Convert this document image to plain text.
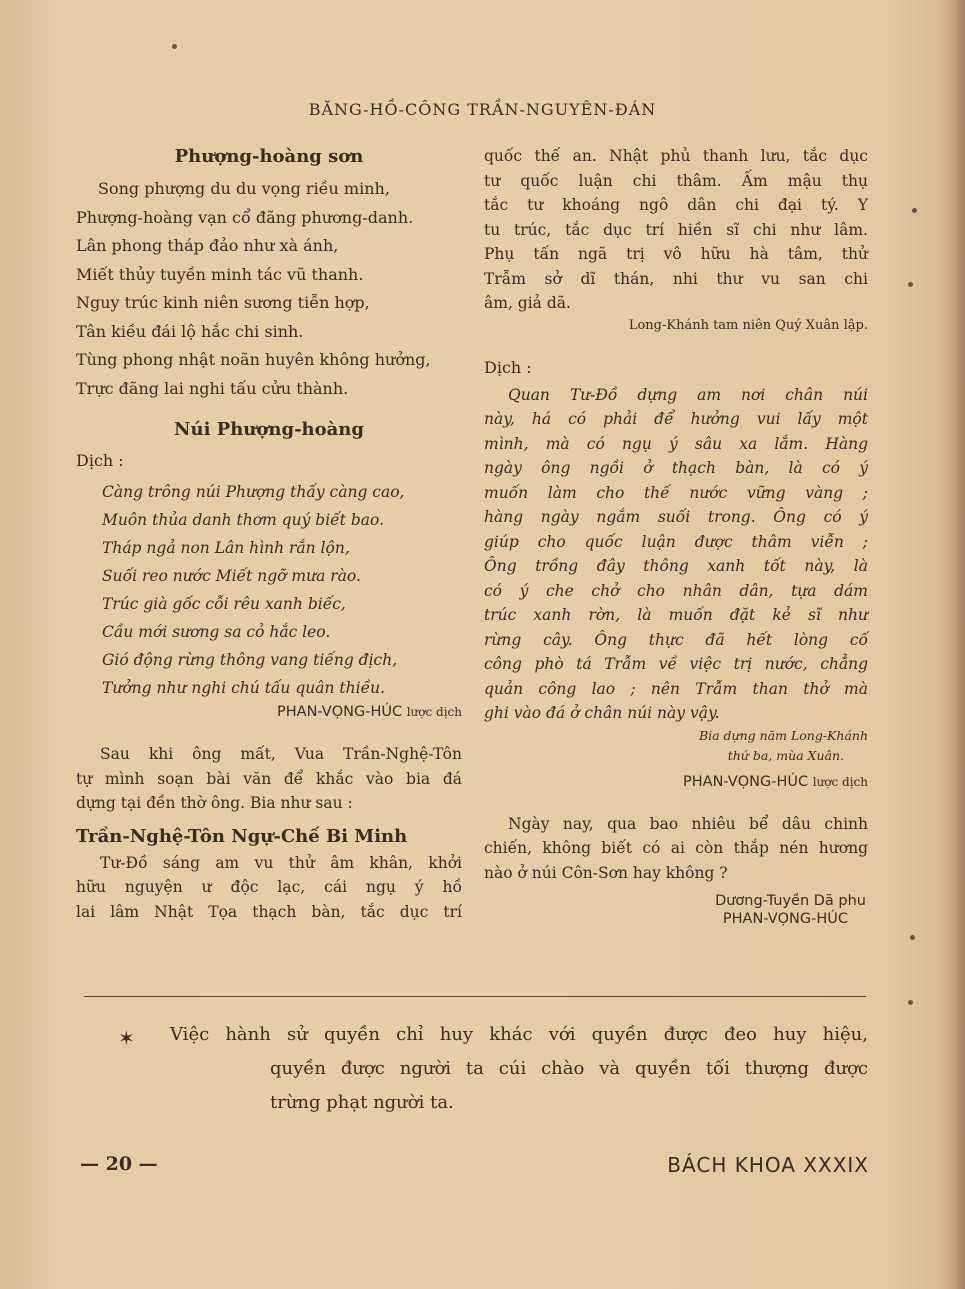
BĂNG-HỒ-CÔNG TRẦN-NGUYÊN-ĐÁN
Phượng-hoàng sơn
Song phượng du du vọng riều minh,
Phượng-hoàng vạn cổ đãng phương-danh.
Lân phong tháp đảo như xà ánh,
Miết thủy tuyền minh tác vũ thanh.
Nguy trúc kinh niên sương tiễn hợp,
Tân kiều đái lộ hắc chi sinh.
Tùng phong nhật noãn huyên không hưởng,
Trực đãng lai nghi tấu cửu thành.
Núi Phượng-hoàng
Dịch :
Càng trông núi Phượng thấy càng cao,
Muôn thủa danh thơm quý biết bao.
Tháp ngả non Lân hình rắn lộn,
Suối reo nước Miết ngỡ mưa rào.
Trúc già gốc cỗi rêu xanh biếc,
Cầu mới sương sa cỏ hắc leo.
Gió động rừng thông vang tiếng địch,
Tưởng như nghi chú tấu quân thiều.
PHAN-VỌNG-HÚC lược dịch
Sau khi ông mất, Vua Trần-Nghệ-Tôn
tự mình soạn bài văn để khắc vào bia đá
dựng tại đền thờ ông. Bia như sau :
Trần-Nghệ-Tôn Ngự-Chế Bi Minh
Tư-Đồ sáng am vu thử âm khân, khởi
hữu nguyện ư độc lạc, cái ngụ ý hồ
lai lâm Nhật Tọa thạch bàn, tắc dục trí
quốc thế an. Nhật phủ thanh lưu, tắc dục
tư quốc luận chi thâm. Ấm mậu thụ
tắc tư khoáng ngô dân chi đại tý. Y
tu trúc, tắc dục trí hiền sĩ chi như lâm.
Phụ tấn ngã trị vô hữu hà tâm, thử
Trẫm sở dĩ thán, nhi thư vu san chi
âm, giả dã.
Long-Khánh tam niên Quý Xuân lập.
Dịch :
Quan Tư-Đồ dựng am nơi chân núi
này, há có phải để hưởng vui lấy một
mình, mà có ngụ ý sâu xa lắm. Hàng
ngày ông ngồi ở thạch bàn, là có ý
muốn làm cho thế nước vững vàng ;
hàng ngày ngắm suối trong. Ông có ý
giúp cho quốc luận được thâm viễn ;
Ông trồng đây thông xanh tốt này, là
có ý che chở cho nhân dân, tựa dám
trúc xanh rờn, là muốn đặt kẻ sĩ như
rừng cây. Ông thực đã hết lòng cố
công phò tá Trẫm về việc trị nước, chẳng
quản công lao ; nên Trẫm than thở mà
ghi vào đá ở chân núi này vậy.
Bia dựng năm Long-Khánh
thứ ba, mùa Xuân.
PHAN-VỌNG-HÚC lược dịch
Ngày nay, qua bao nhiêu bể dâu chinh
chiến, không biết có ai còn thắp nén hương
nào ở núi Côn-Sơn hay không ?
Dương-Tuyền Dã phu
PHAN-VỌNG-HÚC
✶ Việc hành sử quyền chỉ huy khác với quyền được đeo huy hiệu,
quyền được người ta cúi chào và quyền tối thượng được
trừng phạt người ta.
— 20 —	BÁCH KHOA XXXIX
